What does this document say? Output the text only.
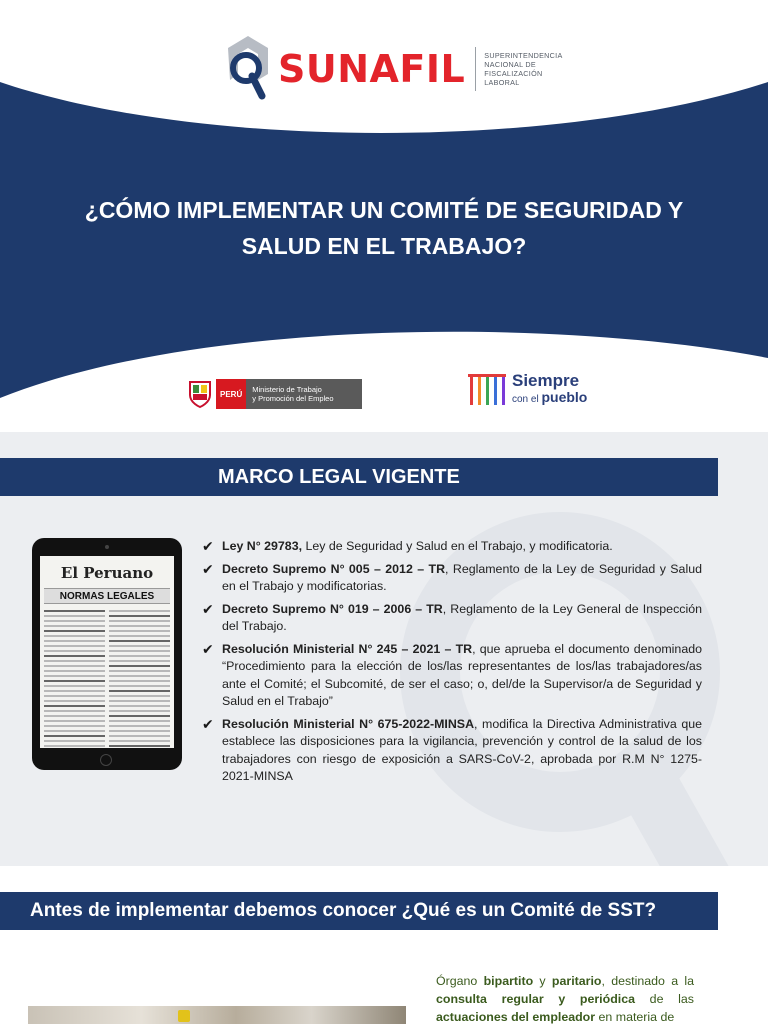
SUNAFIL	SUPERINTENDENCIA
NACIONAL DE
FISCALIZACIÓN
LABORAL
¿CÓMO IMPLEMENTAR UN COMITÉ DE SEGURIDAD Y
SALUD EN EL TRABAJO?
PERÚ	Ministerio de Trabajo
y Promoción del Empleo
Siempre
con el pueblo
MARCO LEGAL VIGENTE
El Peruano
NORMAS LEGALES
✔ Ley N° 29783, Ley de Seguridad y Salud en el Trabajo, y modificatoria.
✔ Decreto Supremo N° 005 – 2012 – TR, Reglamento de la Ley de Seguridad y Salud en el Trabajo y modificatorias.
✔ Decreto Supremo N° 019 – 2006 – TR, Reglamento de la Ley General de Inspección del Trabajo.
✔ Resolución Ministerial N° 245 – 2021 – TR, que aprueba el documento denominado “Procedimiento para la elección de los/las representantes de los/las trabajadores/as ante el Comité; el Subcomité, de ser el caso; o, del/de la Supervisor/a de Seguridad y Salud en el Trabajo”
✔ Resolución Ministerial N° 675-2022-MINSA, modifica la Directiva Administrativa que establece las disposiciones para la vigilancia, prevención y control de la salud de los trabajadores con riesgo de exposición a SARS-CoV-2, aprobada por R.M N° 1275-2021-MINSA
Antes de implementar debemos conocer ¿Qué es un Comité de SST?

Órgano bipartito y paritario, destinado a la consulta regular y periódica de las actuaciones del empleador en materia de
